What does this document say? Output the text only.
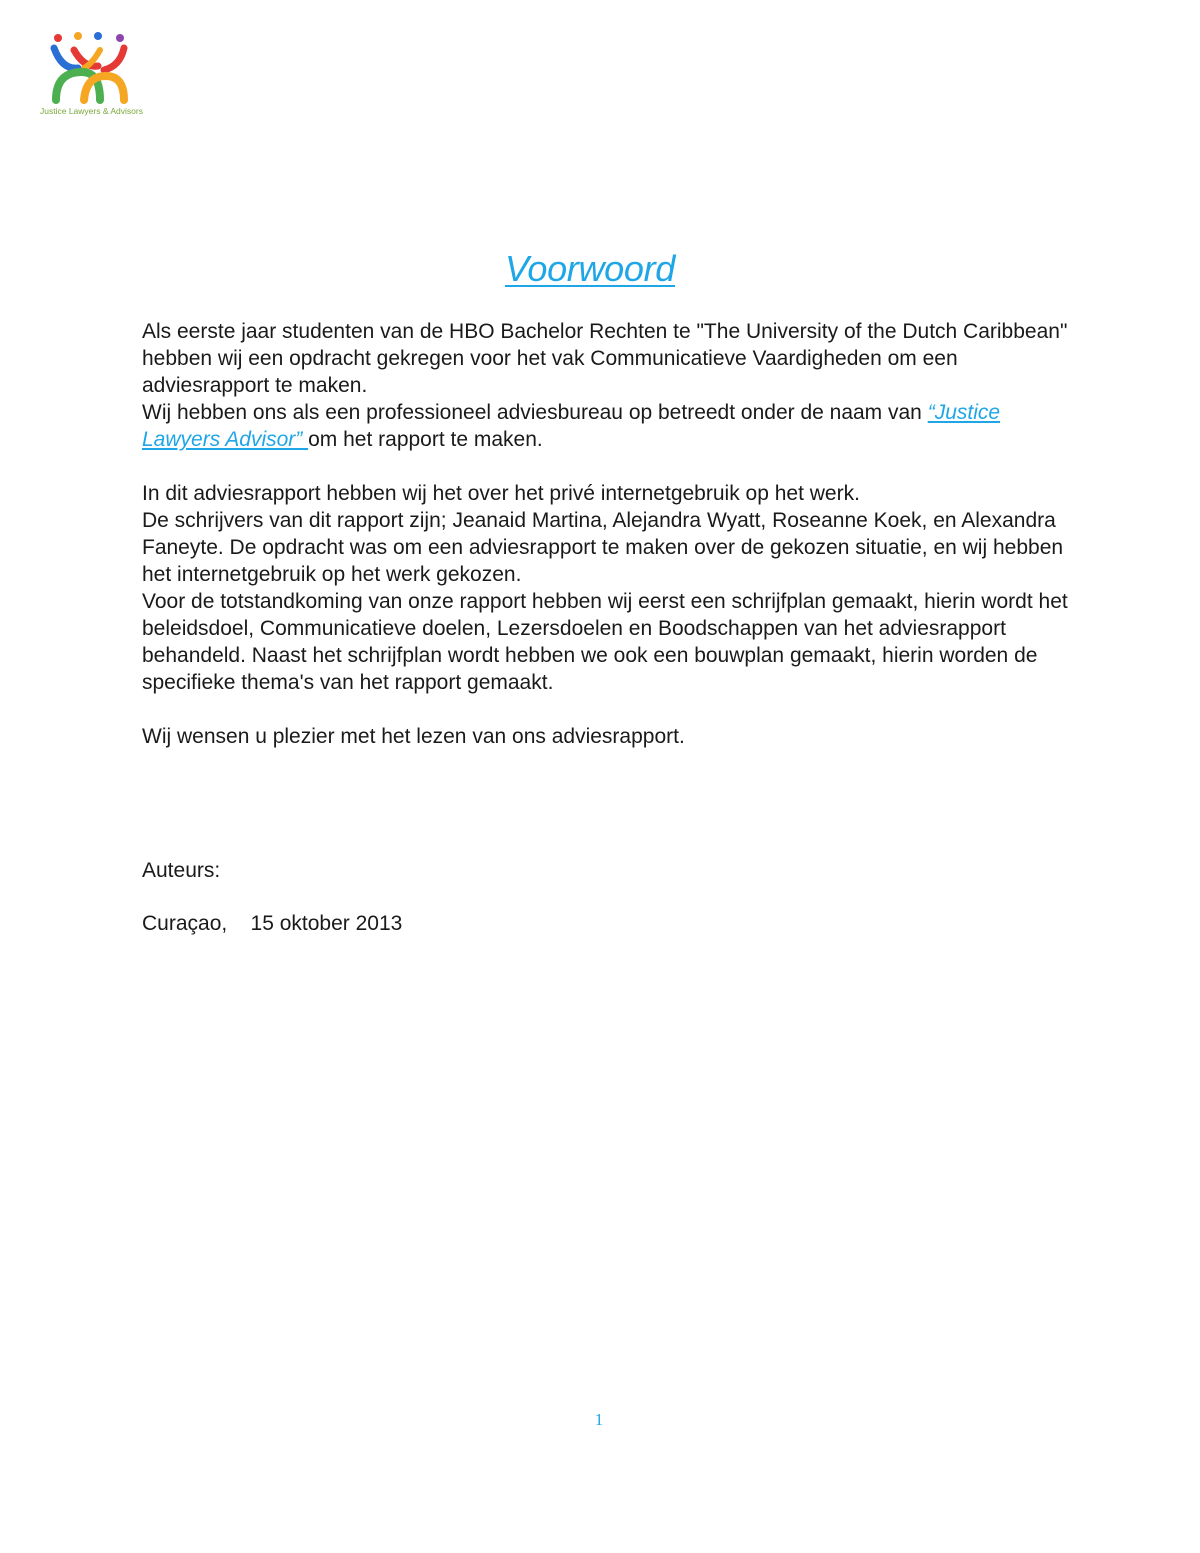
Justice Lawyers & Advisors
Voorwoord

Als eerste jaar studenten van de HBO Bachelor Rechten te "The University of the Dutch Caribbean" hebben wij een opdracht gekregen voor het vak Communicatieve Vaardigheden om een adviesrapport te maken.
Wij hebben ons als een professioneel adviesbureau op betreedt onder de naam van “Justice Lawyers Advisor” om het rapport te maken.

In dit adviesrapport hebben wij het over het privé internetgebruik op het werk.

De schrijvers van dit rapport zijn; Jeanaid Martina, Alejandra Wyatt, Roseanne Koek, en Alexandra Faneyte. De opdracht was om een adviesrapport te maken over de gekozen situatie, en wij hebben het internetgebruik op het werk gekozen.

Voor de totstandkoming van onze rapport hebben wij eerst een schrijfplan gemaakt, hierin wordt het beleidsdoel, Communicatieve doelen, Lezersdoelen en Boodschappen van het adviesrapport behandeld. Naast het schrijfplan wordt hebben we ook een bouwplan gemaakt, hierin worden de specifieke thema's van het rapport gemaakt.

Wij wensen u plezier met het lezen van ons adviesrapport.

Auteurs:

Curaçao,    15 oktober 2013

1
